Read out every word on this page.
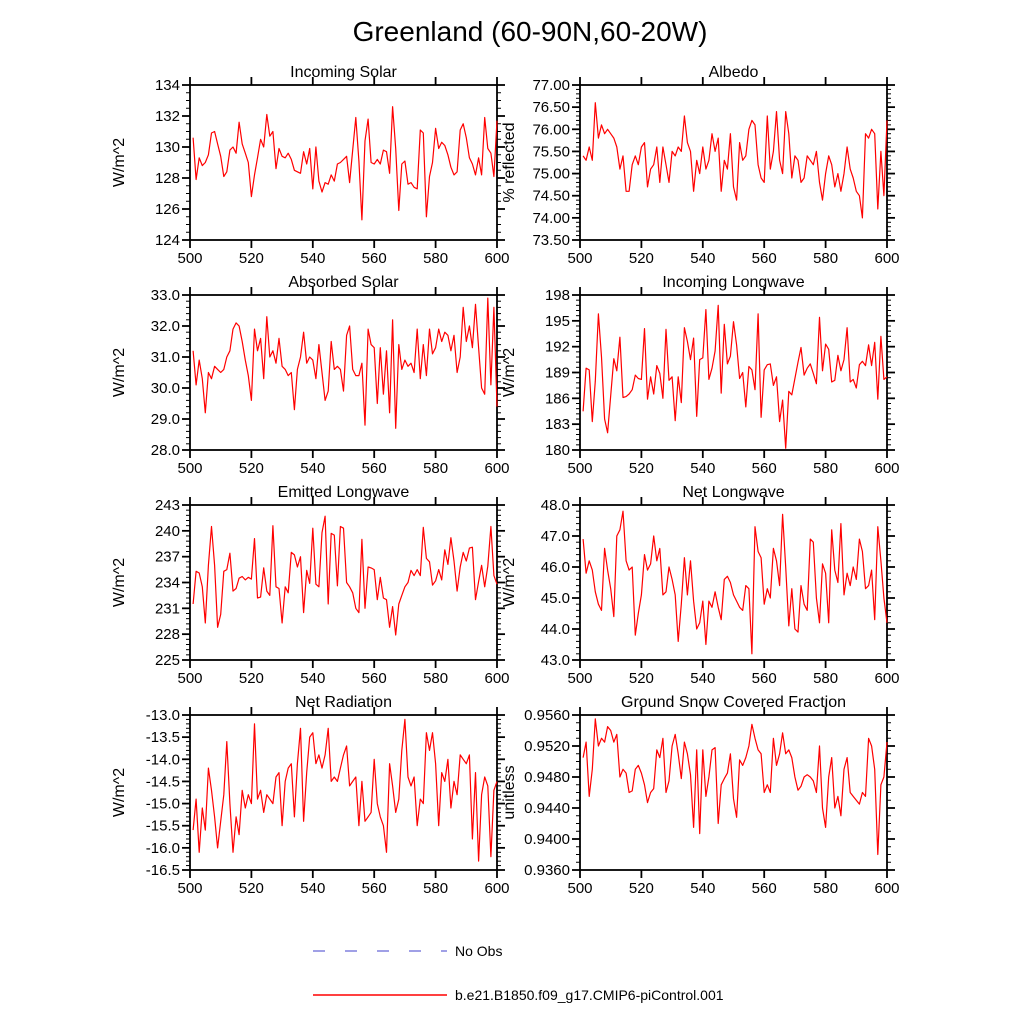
Greenland (60-90N,60-20W)
Incoming Solar
W/m^2
500 520 540 560 580 600
124
126
128
130
132
134
Albedo
% reflected
500 520 540 560 580 600
73.50
74.00
74.50
75.00
75.50
76.00
76.50
77.00
Absorbed Solar
W/m^2
500 520 540 560 580 600
28.0
29.0
30.0
31.0
32.0
33.0
Incoming Longwave
W/m^2
500 520 540 560 580 600
180
183
186
189
192
195
198
Emitted Longwave
W/m^2
500 520 540 560 580 600
225
228
231
234
237
240
243
Net Longwave
W/m^2
500 520 540 560 580 600
43.0
44.0
45.0
46.0
47.0
48.0
Net Radiation
W/m^2
500 520 540 560 580 600
-16.5
-16.0
-15.5
-15.0
-14.5
-14.0
-13.5
-13.0
Ground Snow Covered Fraction
unitless
500 520 540 560 580 600
0.9360
0.9400
0.9440
0.9480
0.9520
0.9560
No Obs
b.e21.B1850.f09_g17.CMIP6-piControl.001
